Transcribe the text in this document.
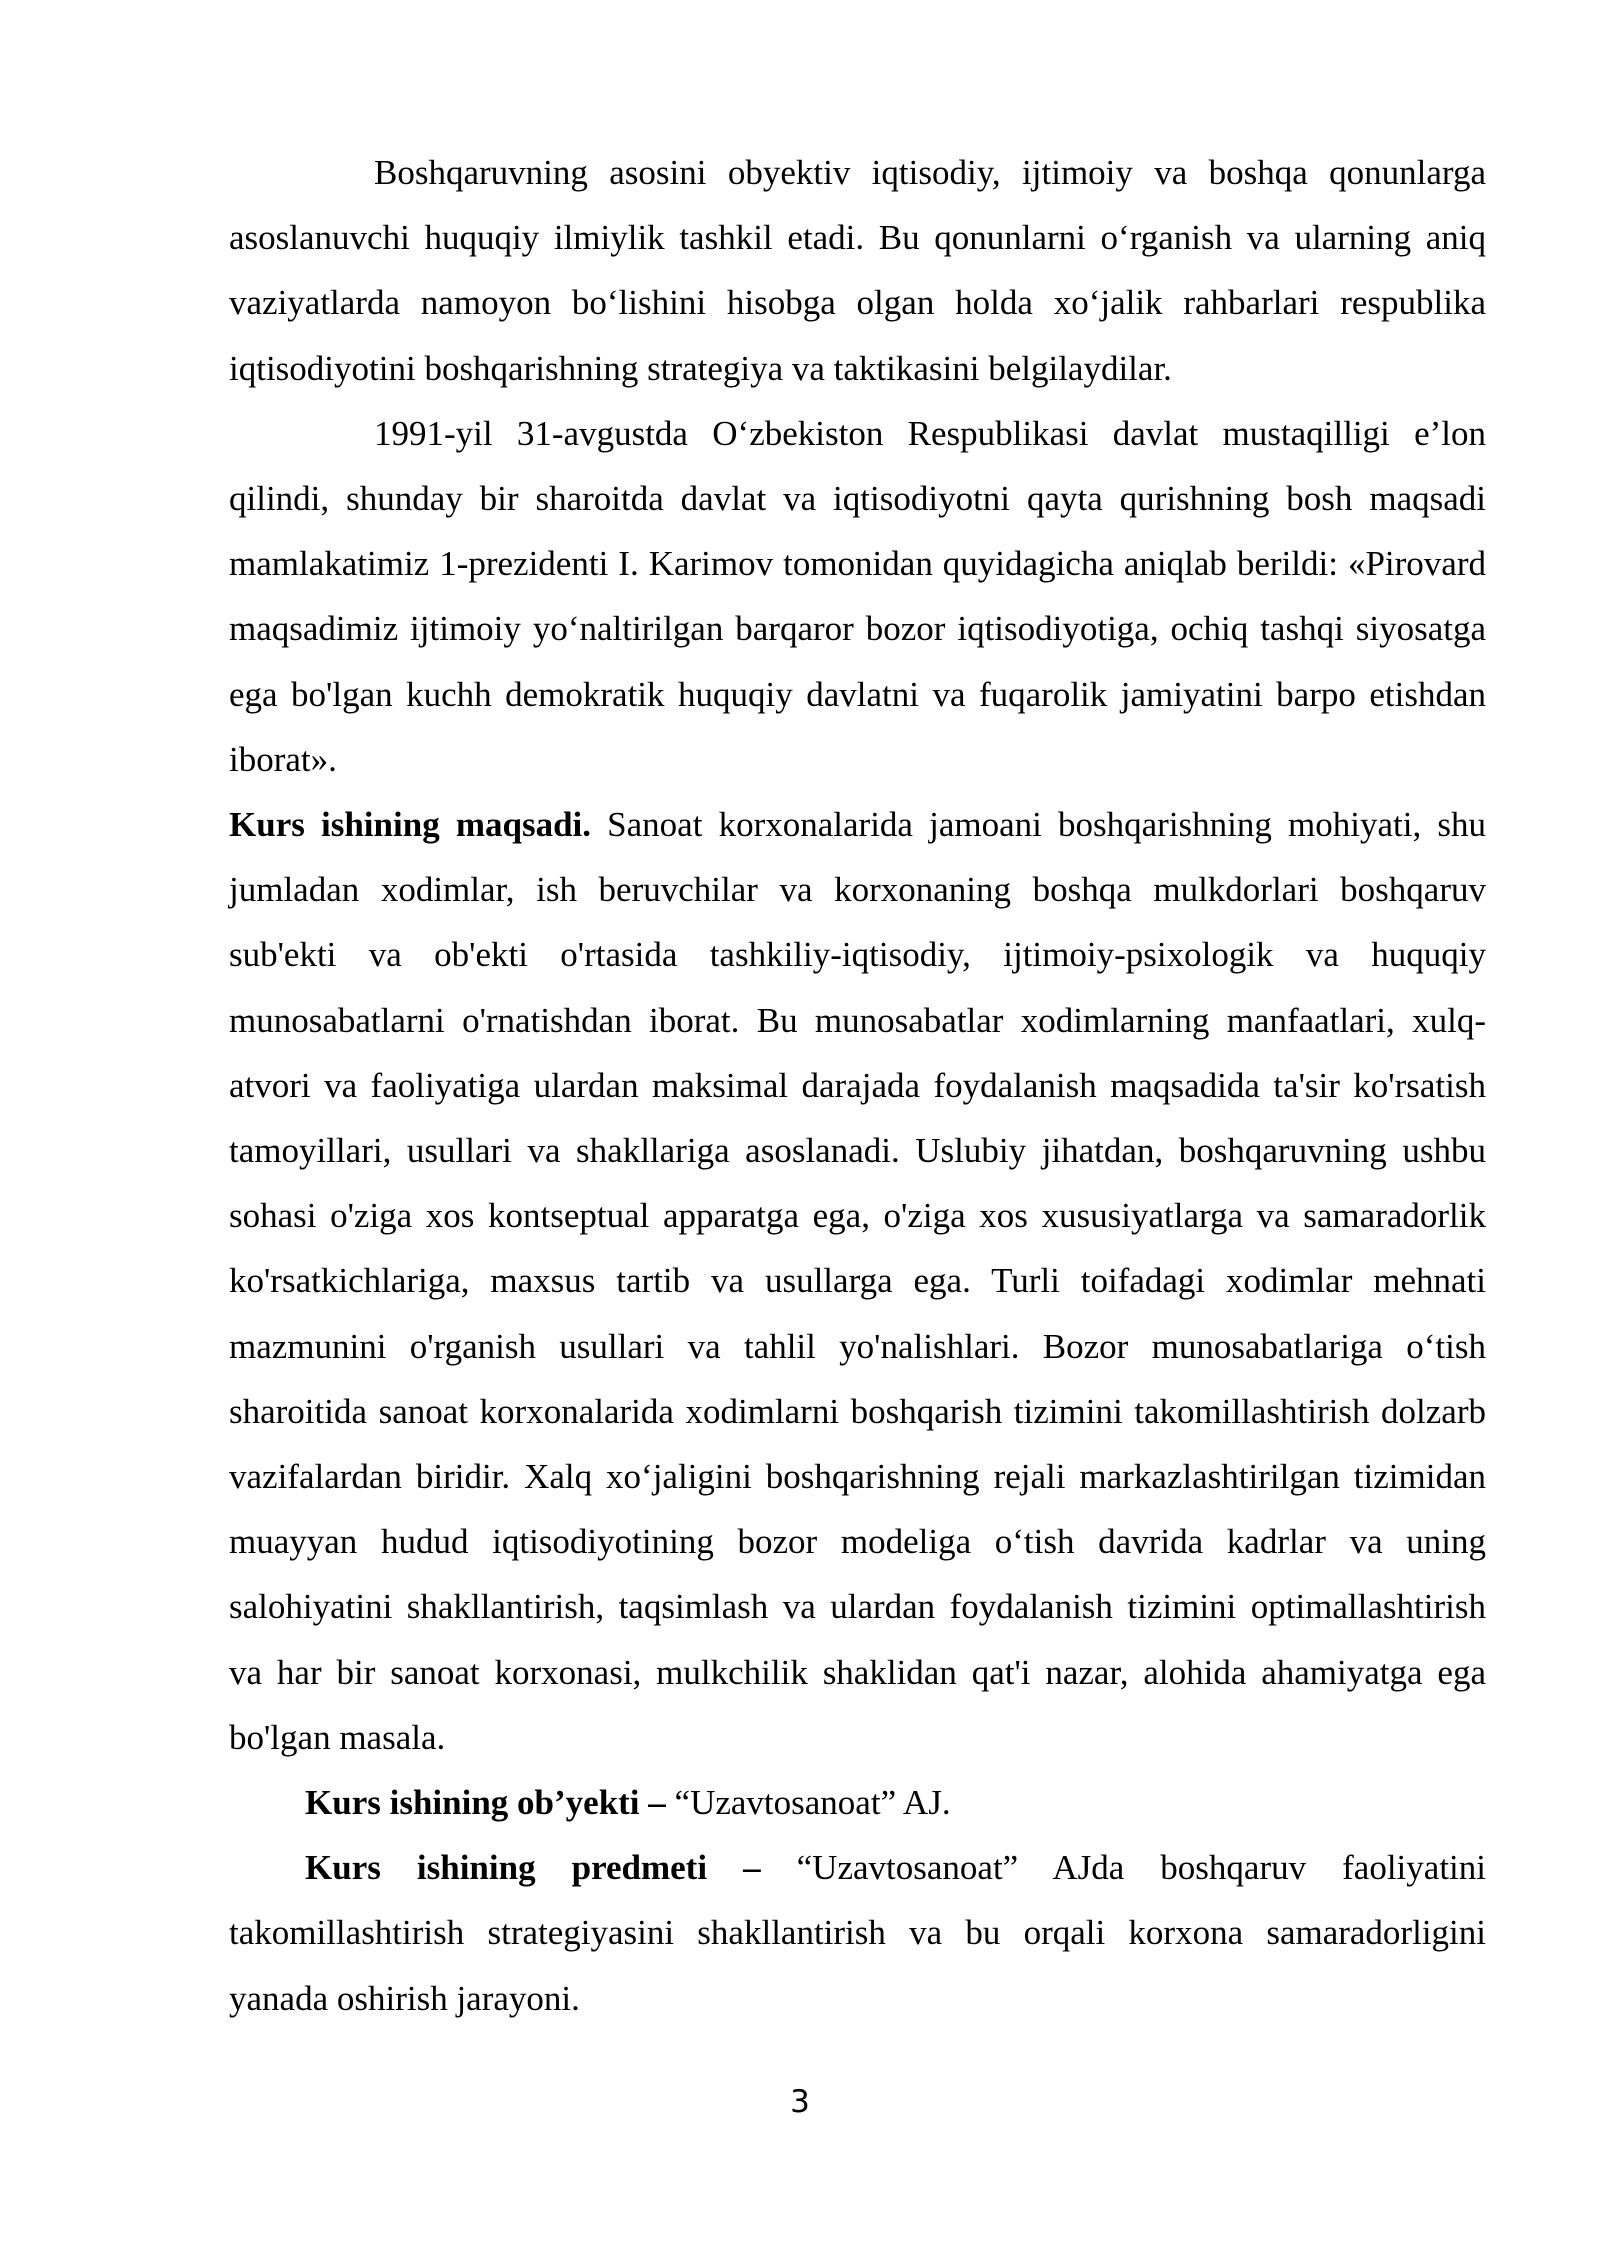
Boshqaruvning asosini obyektiv iqtisodiy, ijtimoiy va boshqa qonunlarga asoslanuvchi huquqiy ilmiylik tashkil etadi. Bu qonunlarni o‘rganish va ularning aniq vaziyatlarda namoyon bo‘lishini hisobga olgan holda xo‘jalik rahbarlari respublika iqtisodiyotini boshqarishning strategiya va taktikasini belgilaydilar.

1991-yil 31-avgustda O‘zbekiston Respublikasi davlat mustaqilligi e’lon qilindi, shunday bir sharoitda davlat va iqtisodiyotni qayta qurishning bosh maqsadi mamlakatimiz 1-prezidenti I. Karimov tomonidan quyidagicha aniqlab berildi: «Pirovard maqsadimiz ijtimoiy yo‘naltirilgan barqaror bozor iqtisodiyotiga, ochiq tashqi siyosatga ega bo'lgan kuchh demokratik huquqiy davlatni va fuqarolik jamiyatini barpo etishdan iborat».

Kurs ishining maqsadi. Sanoat korxonalarida jamoani boshqarishning mohiyati, shu jumladan xodimlar, ish beruvchilar va korxonaning boshqa mulkdorlari boshqaruv sub'ekti va ob'ekti o'rtasida tashkiliy-iqtisodiy, ijtimoiy-psixologik va huquqiy munosabatlarni o'rnatishdan iborat. Bu munosabatlar xodimlarning manfaatlari, xulq-atvori va faoliyatiga ulardan maksimal darajada foydalanish maqsadida ta'sir ko'rsatish tamoyillari, usullari va shakllariga asoslanadi. Uslubiy jihatdan, boshqaruvning ushbu sohasi o'ziga xos kontseptual apparatga ega, o'ziga xos xususiyatlarga va samaradorlik ko'rsatkichlariga, maxsus tartib va usullarga ega. Turli toifadagi xodimlar mehnati mazmunini o'rganish usullari va tahlil yo'nalishlari. Bozor munosabatlariga o‘tish sharoitida sanoat korxonalarida xodimlarni boshqarish tizimini takomillashtirish dolzarb vazifalardan biridir. Xalq xo‘jaligini boshqarishning rejali markazlashtirilgan tizimidan muayyan hudud iqtisodiyotining bozor modeliga o‘tish davrida kadrlar va uning salohiyatini shakllantirish, taqsimlash va ulardan foydalanish tizimini optimallashtirish va har bir sanoat korxonasi, mulkchilik shaklidan qat'i nazar, alohida ahamiyatga ega bo'lgan masala.

Kurs ishining ob’yekti – “Uzavtosanoat” AJ.

Kurs ishining predmeti – “Uzavtosanoat” AJda boshqaruv faoliyatini takomillashtirish strategiyasini shakllantirish va bu orqali korxona samaradorligini yanada oshirish jarayoni.

3
